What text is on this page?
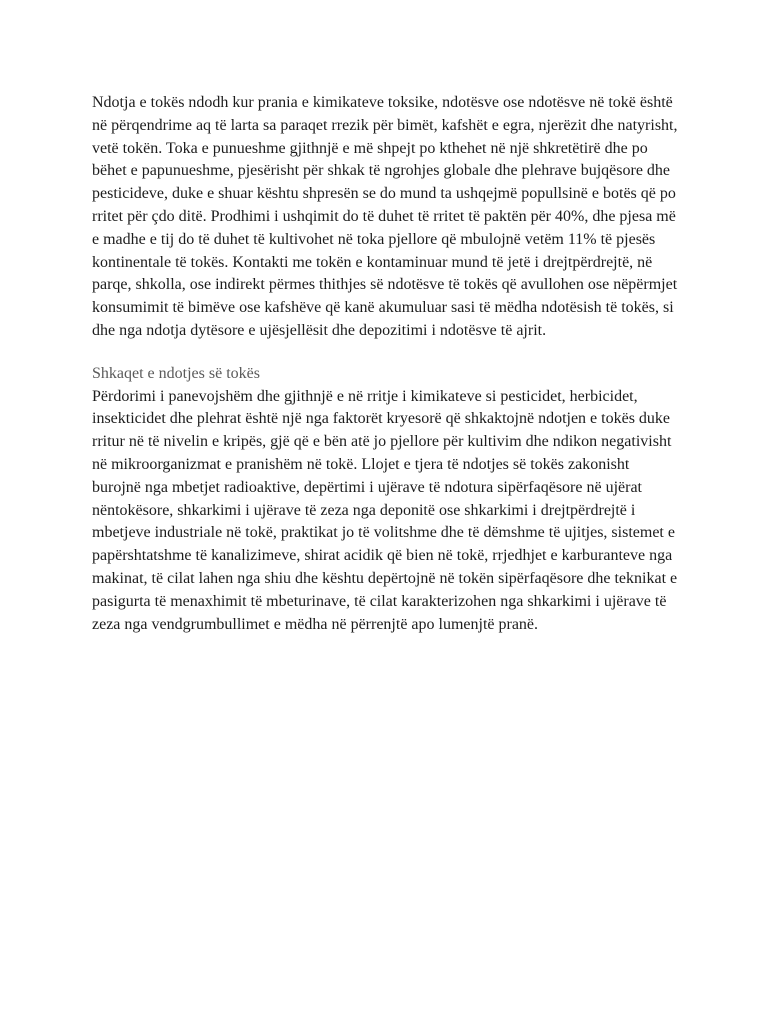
Ndotja e tokës ndodh kur prania e kimikateve toksike, ndotësve ose ndotësve në tokë është në përqendrime aq të larta sa paraqet rrezik për bimët, kafshët e egra, njerëzit dhe natyrisht, vetë tokën. Toka e punueshme gjithnjë e më shpejt po kthehet në një shkretëtirë dhe po bëhet e papunueshme, pjesërisht për shkak të ngrohjes globale dhe plehrave bujqësore dhe pesticideve, duke e shuar kështu shpresën se do mund ta ushqejmë popullsinë e botës që po rritet për çdo ditë. Prodhimi i ushqimit do të duhet të rritet të paktën për 40%, dhe pjesa më e madhe e tij do të duhet të kultivohet në toka pjellore që mbulojnë vetëm 11% të pjesës kontinentale të tokës. Kontakti me tokën e kontaminuar mund të jetë i drejtpërdrejtë, në parqe, shkolla, ose indirekt përmes thithjes së ndotësve të tokës që avullohen ose nëpërmjet konsumimit të bimëve ose kafshëve që kanë akumuluar sasi të mëdha ndotësish të tokës, si dhe nga ndotja dytësore e ujësjellësit dhe depozitimi i ndotësve të ajrit.

Shkaqet e ndotjes së tokës

Përdorimi i panevojshëm dhe gjithnjë e në rritje i kimikateve si pesticidet, herbicidet, insekticidet dhe plehrat është një nga faktorët kryesorë që shkaktojnë ndotjen e tokës duke rritur në të nivelin e kripës, gjë që e bën atë jo pjellore për kultivim dhe ndikon negativisht në mikroorganizmat e pranishëm në tokë. Llojet e tjera të ndotjes së tokës zakonisht burojnë nga mbetjet radioaktive, depërtimi i ujërave të ndotura sipërfaqësore në ujërat nëntokësore, shkarkimi i ujërave të zeza nga deponitë ose shkarkimi i drejtpërdrejtë i mbetjeve industriale në tokë, praktikat jo të volitshme dhe të dëmshme të ujitjes, sistemet e papërshtatshme të kanalizimeve, shirat acidik që bien në tokë, rrjedhjet e karburanteve nga makinat, të cilat lahen nga shiu dhe kështu depërtojnë në tokën sipërfaqësore dhe teknikat e pasigurta të menaxhimit të mbeturinave, të cilat karakterizohen nga shkarkimi i ujërave të zeza nga vendgrumbullimet e mëdha në përrenjtë apo lumenjtë pranë.
